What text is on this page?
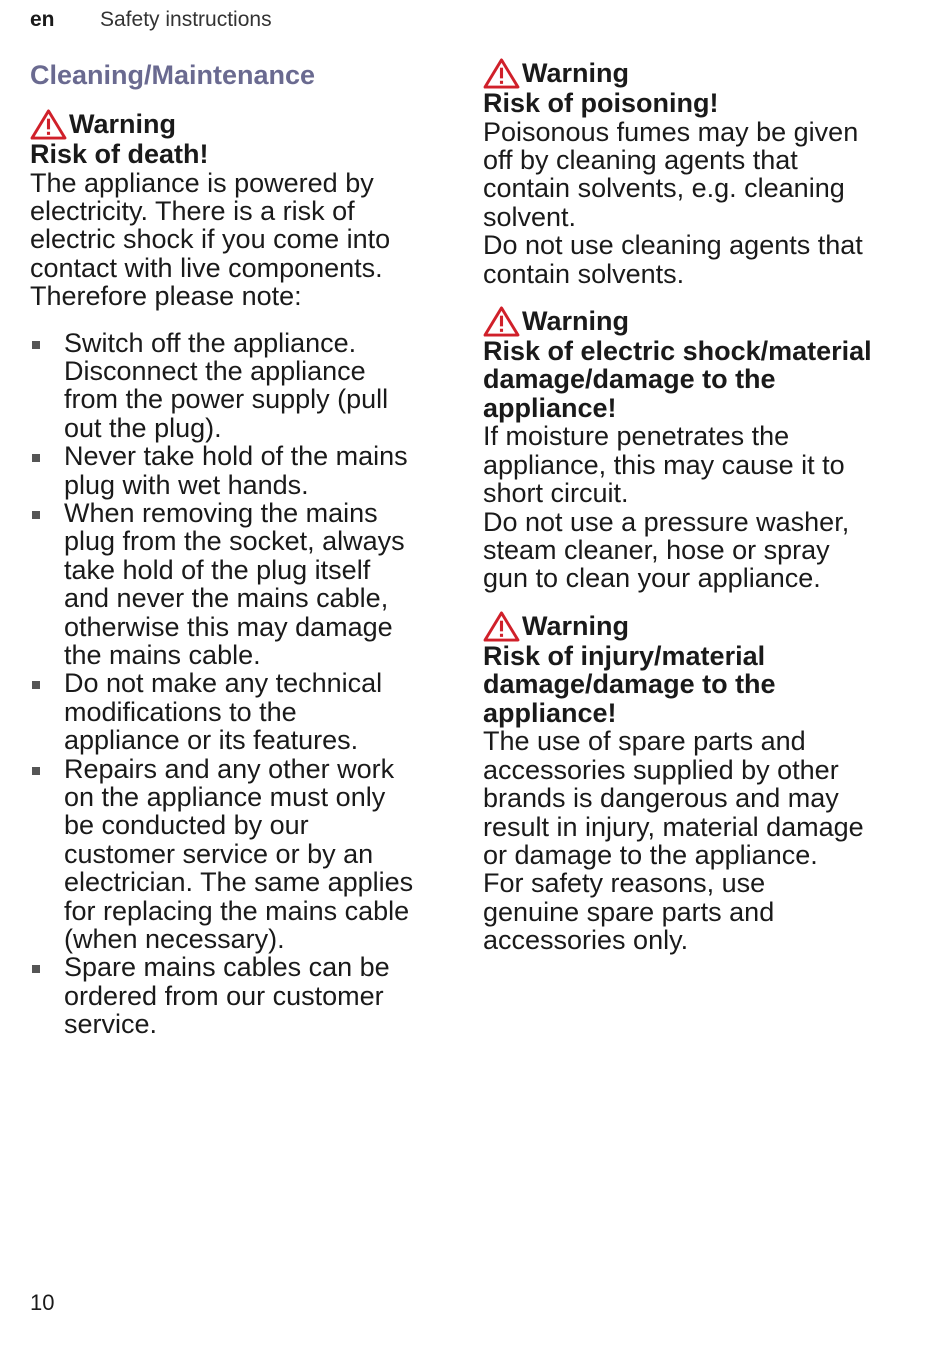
en Safety instructions
Cleaning/Maintenance
Warning
Risk of death!
The appliance is powered by
electricity. There is a risk of
electric shock if you come into
contact with live components.
Therefore please note:
Switch off the appliance.
Disconnect the appliance
from the power supply (pull
out the plug).
Never take hold of the mains
plug with wet hands.
When removing the mains
plug from the socket, always
take hold of the plug itself
and never the mains cable,
otherwise this may damage
the mains cable.
Do not make any technical
modifications to the
appliance or its features.
Repairs and any other work
on the appliance must only
be conducted by our
customer service or by an
electrician. The same applies
for replacing the mains cable
(when necessary).
Spare mains cables can be
ordered from our customer
service.
Warning
Risk of poisoning!
Poisonous fumes may be given
off by cleaning agents that
contain solvents, e.g. cleaning
solvent.
Do not use cleaning agents that
contain solvents.
Warning
Risk of electric shock/material
damage/damage to the
appliance!
If moisture penetrates the
appliance, this may cause it to
short circuit.
Do not use a pressure washer,
steam cleaner, hose or spray
gun to clean your appliance.
Warning
Risk of injury/material
damage/damage to the
appliance!
The use of spare parts and
accessories supplied by other
brands is dangerous and may
result in injury, material damage
or damage to the appliance.
For safety reasons, use
genuine spare parts and
accessories only.
10
